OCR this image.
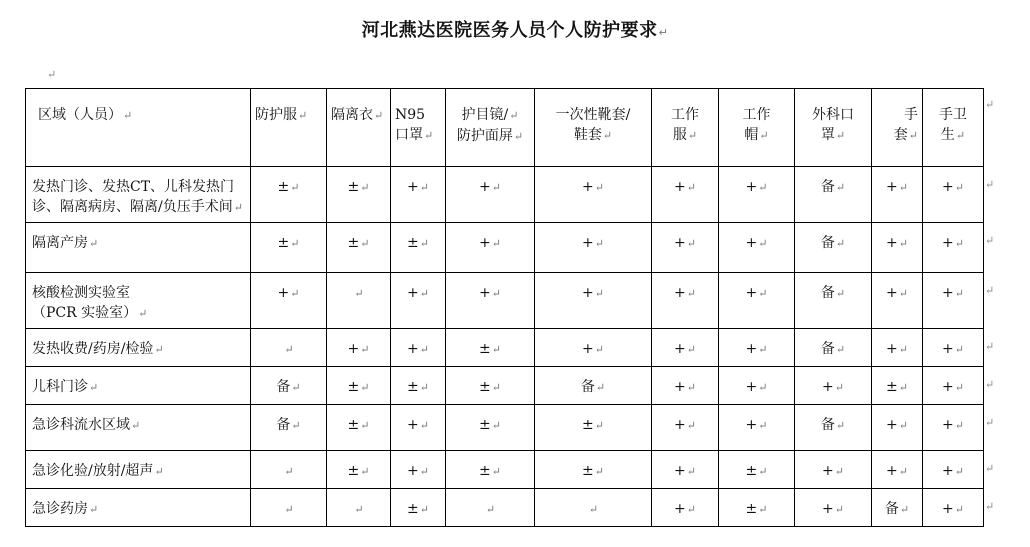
河北燕达医院医务人员个人防护要求↵
↵
区域（人员）↵	防护服↵	隔离衣↵	N95
口罩↵	护目镜/↵
防护面屏↵	一次性靴套/
鞋套↵	工作
服↵	工作
帽↵	外科口
罩↵	手
套↵	手卫
生↵
发热门诊、发热CT、儿科发热门
诊、隔离病房、隔离/负压手术间↵	±↵	±↵	+↵	+↵	+↵	+↵	+↵	备↵	+↵	+↵
隔离产房↵	±↵	±↵	±↵	+↵	+↵	+↵	+↵	备↵	+↵	+↵
核酸检测实验室
（PCR 实验室）↵	+↵	↵	+↵	+↵	+↵	+↵	+↵	备↵	+↵	+↵
发热收费/药房/检验↵	↵	+↵	+↵	±↵	+↵	+↵	+↵	备↵	+↵	+↵
儿科门诊↵	备↵	±↵	±↵	±↵	备↵	+↵	+↵	+↵	±↵	+↵
急诊科流水区域↵	备↵	±↵	+↵	±↵	±↵	+↵	+↵	备↵	+↵	+↵
急诊化验/放射/超声↵	↵	±↵	+↵	±↵	±↵	+↵	±↵	+↵	+↵	+↵
急诊药房↵	↵	↵	±↵	↵	↵	+↵	±↵	+↵	备↵	+↵
↵
↵
↵
↵
↵
↵
↵
↵
↵
